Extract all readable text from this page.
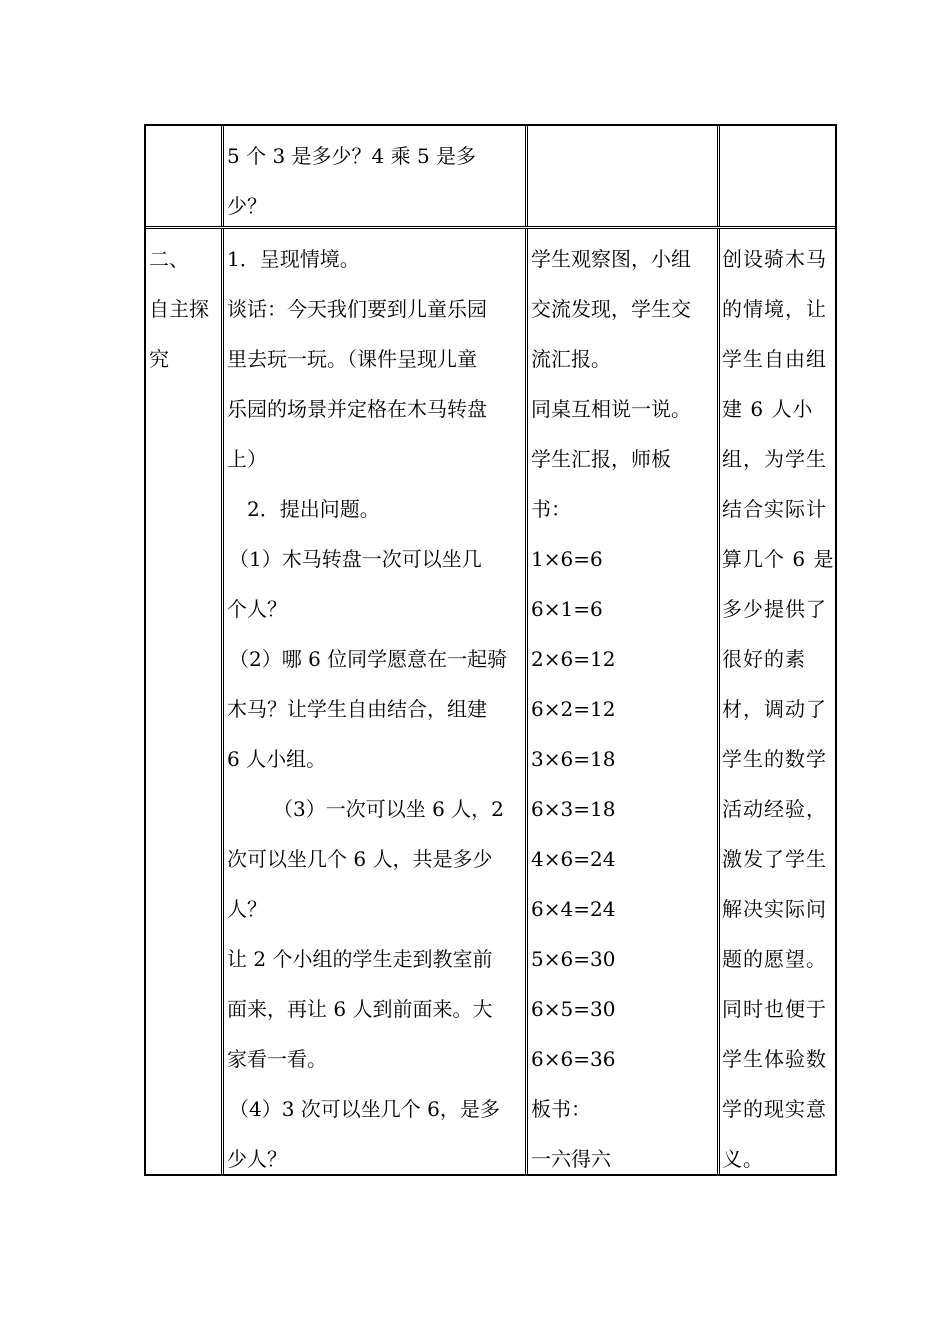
5 个 3 是多少？4 乘 5 是多
少？
二、
自主探
究
1．呈现情境。
谈话：今天我们要到儿童乐园
里去玩一玩。（课件呈现儿童
乐园的场景并定格在木马转盘
上）
2．提出问题。
（1）木马转盘一次可以坐几
个人？
（2）哪 6 位同学愿意在一起骑
木马？让学生自由结合，组建
6 人小组。
（3）一次可以坐 6 人，2
次可以坐几个 6 人，共是多少
人？
让 2 个小组的学生走到教室前
面来，再让 6 人到前面来。大
家看一看。
（4）3 次可以坐几个 6，是多
少人？
学生观察图，小组
交流发现，学生交
流汇报。
同桌互相说一说。
学生汇报，师板
书：
1×6=6
6×1=6
2×6=12
6×2=12
3×6=18
6×3=18
4×6=24
6×4=24
5×6=30
6×5=30
6×6=36
板书：
一六得六
创设骑木马
的情境，让
学生自由组
建 6 人小
组，为学生
结合实际计
算几个 6 是
多少提供了
很好的素
材，调动了
学生的数学
活动经验，
激发了学生
解决实际问
题的愿望。
同时也便于
学生体验数
学的现实意
义。
